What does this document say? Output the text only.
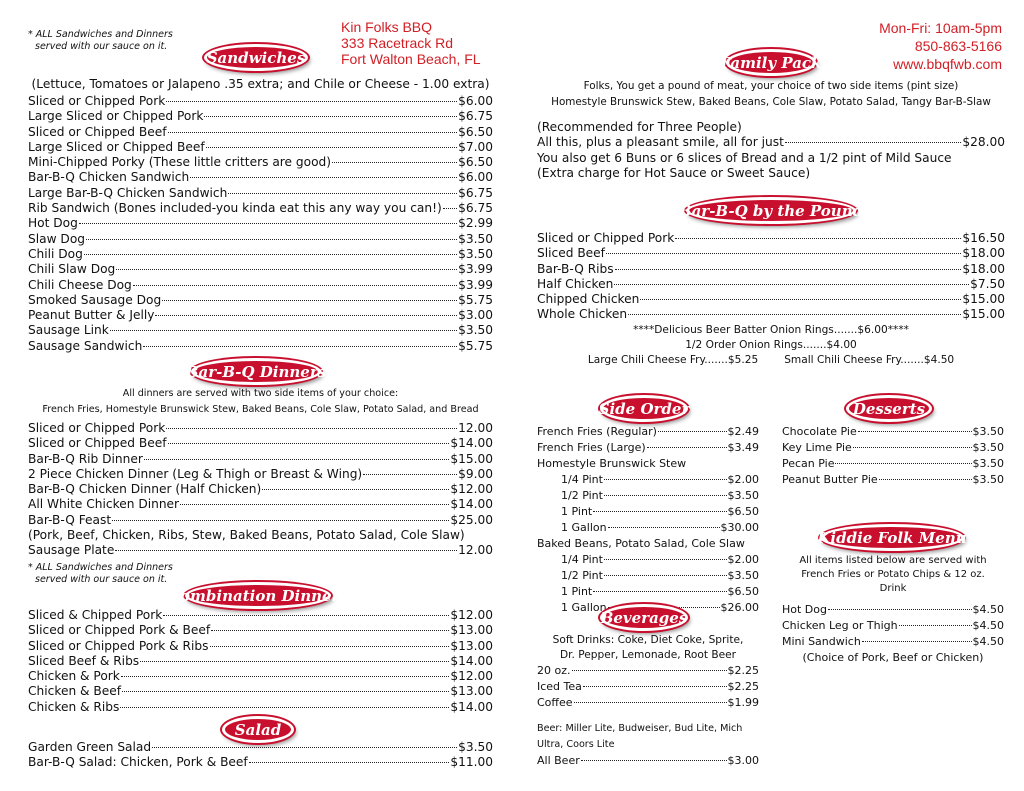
* ALL Sandwiches and Dinners
served with our sauce on it.
Kin Folks BBQ
333 Racetrack Rd
Fort Walton Beach, FL
Mon-Fri: 10am-5pm
850-863-5166
www.bbqfwb.com
Sandwiches
(Lettuce, Tomatoes or Jalapeno .35 extra; and Chile or Cheese - 1.00 extra)
Sliced or Chipped Pork	$6.00
Large Sliced or Chipped Pork	$6.75
Sliced or Chipped Beef	$6.50
Large Sliced or Chipped Beef	$7.00
Mini-Chipped Porky (These little critters are good)	$6.50
Bar-B-Q Chicken Sandwich	$6.00
Large Bar-B-Q Chicken Sandwich	$6.75
Rib Sandwich (Bones included-you kinda eat this any way you can!) $6.75
Hot Dog	$2.99
Slaw Dog	$3.50
Chili Dog	$3.50
Chili Slaw Dog	$3.99
Chili Cheese Dog	$3.99
Smoked Sausage Dog	$5.75
Peanut Butter & Jelly	$3.00
Sausage Link	$3.50
Sausage Sandwich	$5.75
Bar-B-Q Dinners
All dinners are served with two side items of your choice:
French Fries, Homestyle Brunswick Stew, Baked Beans, Cole Slaw, Potato Salad, and Bread
Sliced or Chipped Pork	12.00
Sliced or Chipped Beef	$14.00
Bar-B-Q Rib Dinner	$15.00
2 Piece Chicken Dinner (Leg & Thigh or Breast & Wing)	$9.00
Bar-B-Q Chicken Dinner (Half Chicken)	$12.00
All White Chicken Dinner	$14.00
Bar-B-Q Feast	$25.00
(Pork, Beef, Chicken, Ribs, Stew, Baked Beans, Potato Salad, Cole Slaw)
Sausage Plate	12.00
* ALL Sandwiches and Dinners
served with our sauce on it.
Combination Dinners
Sliced & Chipped Pork	$12.00
Sliced or Chipped Pork & Beef	$13.00
Sliced or Chipped Pork & Ribs	$13.00
Sliced Beef & Ribs	$14.00
Chicken & Pork	$12.00
Chicken & Beef	$13.00
Chicken & Ribs	$14.00
Salad
Garden Green Salad	$3.50
Bar-B-Q Salad: Chicken, Pork & Beef	$11.00
Family Pack
Folks, You get a pound of meat, your choice of two side items (pint size)
Homestyle Brunswick Stew, Baked Beans, Cole Slaw, Potato Salad, Tangy Bar-B-Slaw
(Recommended for Three People)
All this, plus a pleasant smile, all for just	$28.00
You also get 6 Buns or 6 slices of Bread and a 1/2 pint of Mild Sauce
(Extra charge for Hot Sauce or Sweet Sauce)
Bar-B-Q by the Pound
Sliced or Chipped Pork	$16.50
Sliced Beef	$18.00
Bar-B-Q Ribs	$18.00
Half Chicken	$7.50
Chipped Chicken	$15.00
Whole Chicken	$15.00
****Delicious Beer Batter Onion Rings.......$6.00****
1/2 Order Onion Rings.......$4.00
Large Chili Cheese Fry.......$5.25 Small Chili Cheese Fry.......$4.50
Side Order
French Fries (Regular)	$2.49
French Fries (Large)	$3.49
Homestyle Brunswick Stew
1/4 Pint	$2.00
1/2 Pint	$3.50
1 Pint	$6.50
1 Gallon	$30.00
Baked Beans, Potato Salad, Cole Slaw
1/4 Pint	$2.00
1/2 Pint	$3.50
1 Pint	$6.50
1 Gallon	$26.00
Desserts
Chocolate Pie	$3.50
Key Lime Pie	$3.50
Pecan Pie	$3.50
Peanut Butter Pie	$3.50
Kiddie Folk Menu
All items listed below are served with
French Fries or Potato Chips & 12 oz.
Drink
Hot Dog	$4.50
Chicken Leg or Thigh	$4.50
Mini Sandwich	$4.50
(Choice of Pork, Beef or Chicken)
Beverages
Soft Drinks: Coke, Diet Coke, Sprite,
Dr. Pepper, Lemonade, Root Beer
20 oz.	$2.25
Iced Tea	$2.25
Coffee	$1.99
Beer: Miller Lite, Budweiser, Bud Lite, Mich
Ultra, Coors Lite
All Beer	$3.00
